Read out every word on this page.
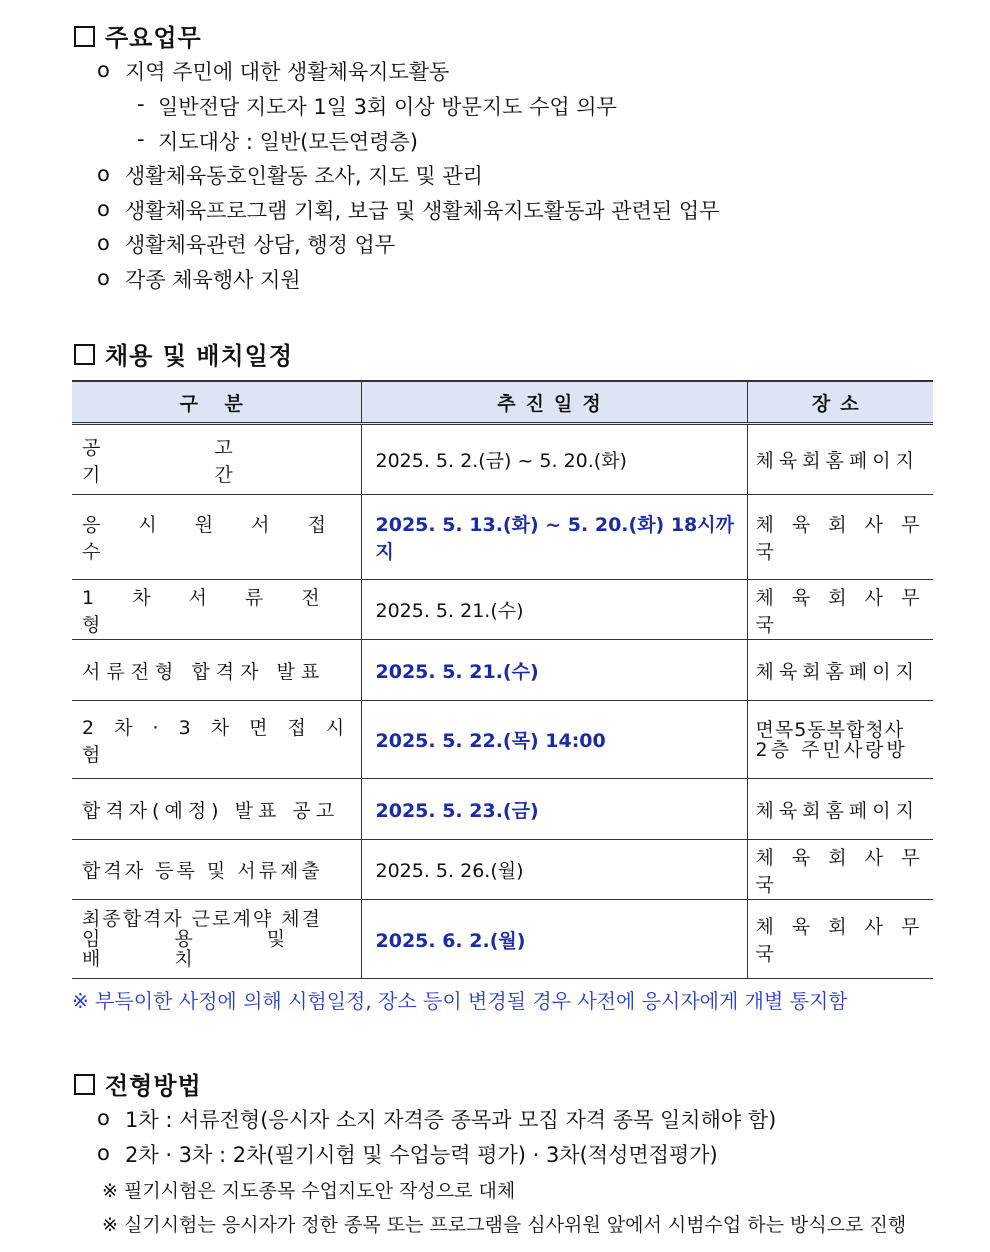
주요업무
o 지역 주민에 대한 생활체육지도활동
- 일반전담 지도자 1일 3회 이상 방문지도 수업 의무
- 지도대상 : 일반(모든연령층)
o 생활체육동호인활동 조사, 지도 및 관리
o 생활체육프로그램 기획, 보급 및 생활체육지도활동과 관련된 업무
o 생활체육관련 상담, 행정 업무
o 각종 체육행사 지원
채용 및 배치일정
구 분	추진일정	장소
공 고 기 간	2025. 5. 2.(금) ~ 5. 20.(화)	체육회홈페이지
응 시 원 서 접 수	2025. 5. 13.(화) ~ 5. 20.(화) 18시까지	체 육 회 사 무 국
1 차 서 류 전 형	2025. 5. 21.(수)	체 육 회 사 무 국
서류전형 합격자 발표	2025. 5. 21.(수)	체육회홈페이지
2 차 · 3 차 면 접 시 험	2025. 5. 22.(목) 14:00	면목5동복합청사
2층 주민사랑방

합격자(예정) 발표 공고	2025. 5. 23.(금)	체육회홈페이지
합격자 등록 및 서류제출	2025. 5. 26.(월)	체 육 회 사 무 국

최종합격자 근로계약 체결
임 용 및 배 치	2025. 6. 2.(월)	체 육 회 사 무 국
※ 부득이한 사정에 의해 시험일정, 장소 등이 변경될 경우 사전에 응시자에게 개별 통지함
전형방법
o 1차 : 서류전형(응시자 소지 자격증 종목과 모집 자격 종목 일치해야 함)
o 2차 · 3차 : 2차(필기시험 및 수업능력 평가) · 3차(적성면접평가)
※ 필기시험은 지도종목 수업지도안 작성으로 대체
※ 실기시험는 응시자가 정한 종목 또는 프로그램을 심사위원 앞에서 시범수업 하는 방식으로 진행
